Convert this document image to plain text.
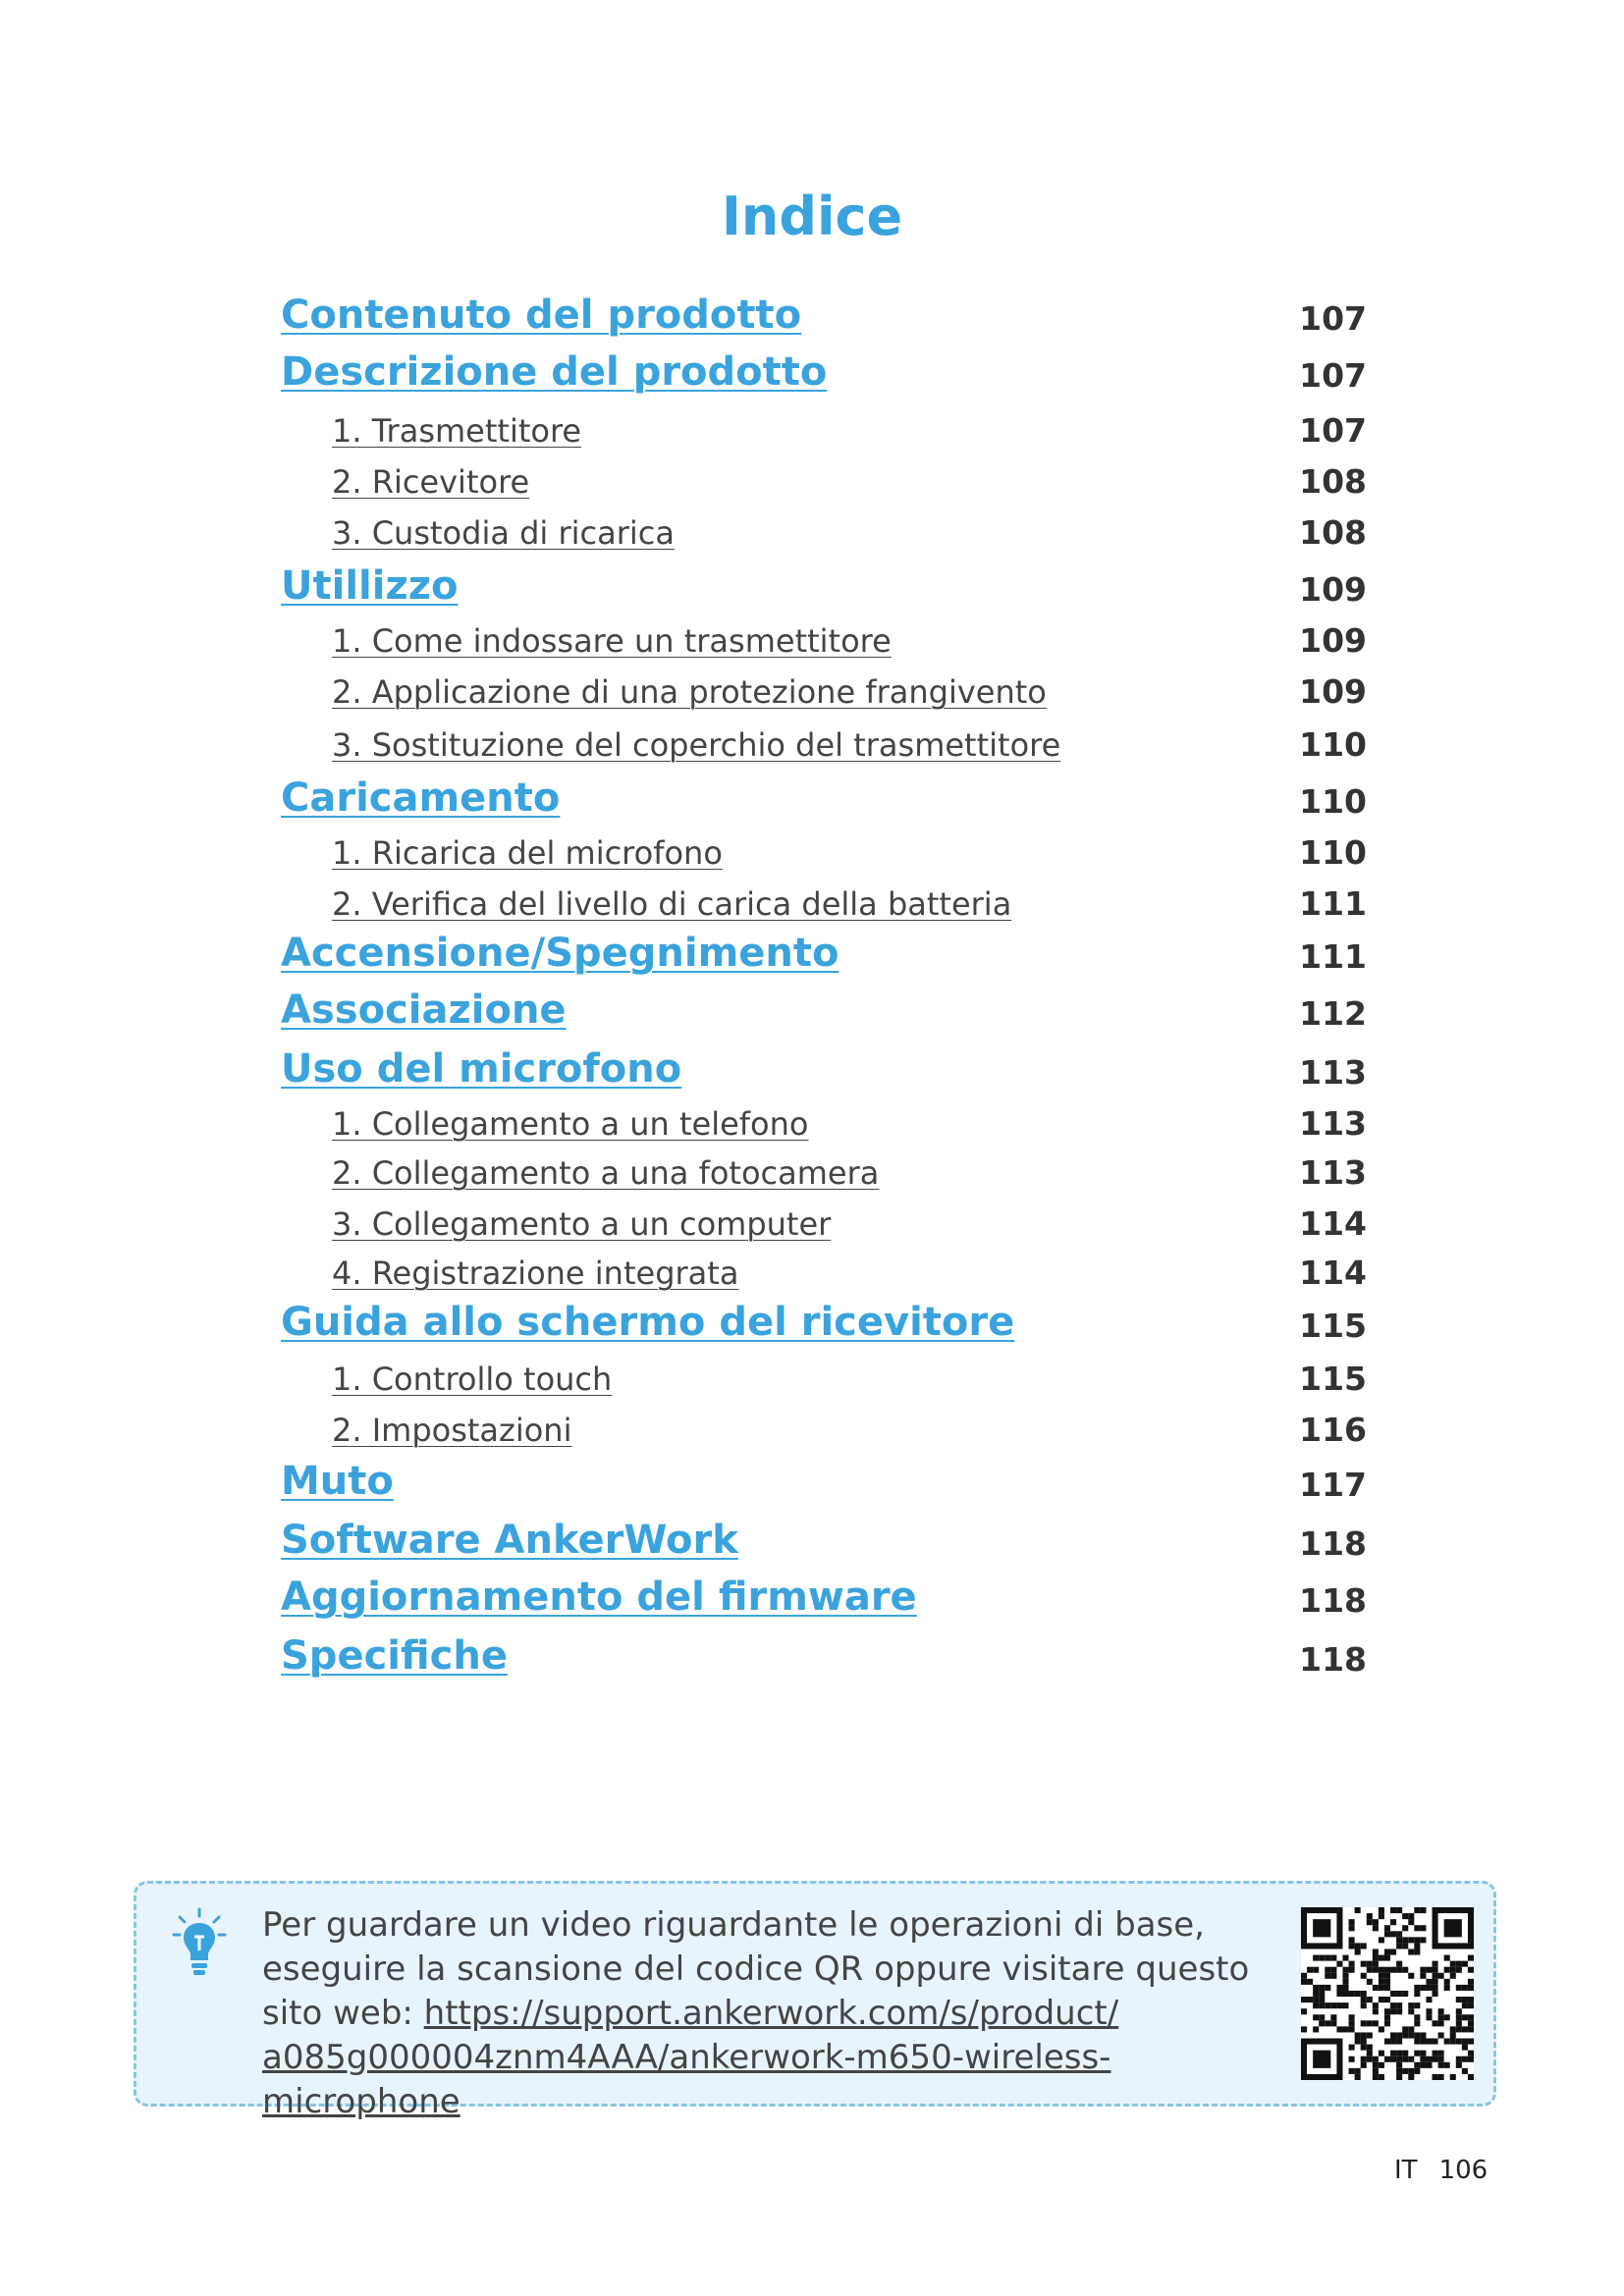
Indice
Contenuto del prodotto	107
Descrizione del prodotto	107
1. Trasmettitore	107
2. Ricevitore	108
3. Custodia di ricarica	108
Utillizzo	109
1. Come indossare un trasmettitore	109
2. Applicazione di una protezione frangivento	109
3. Sostituzione del coperchio del trasmettitore	110
Caricamento	110
1. Ricarica del microfono	110
2. Verifica del livello di carica della batteria	111
Accensione/Spegnimento	111
Associazione	112
Uso del microfono	113
1. Collegamento a un telefono	113
2. Collegamento a una fotocamera	113
3. Collegamento a un computer	114
4. Registrazione integrata	114
Guida allo schermo del ricevitore	115
1. Controllo touch	115
2. Impostazioni	116
Muto	117
Software AnkerWork	118
Aggiornamento del firmware	118
Specifiche	118
Per guardare un video riguardante le operazioni di base,
eseguire la scansione del codice QR oppure visitare questo
sito web: https://support.ankerwork.com/s/product/
a085g000004znm4AAA/ankerwork-m650-wireless-microphone
IT 106
